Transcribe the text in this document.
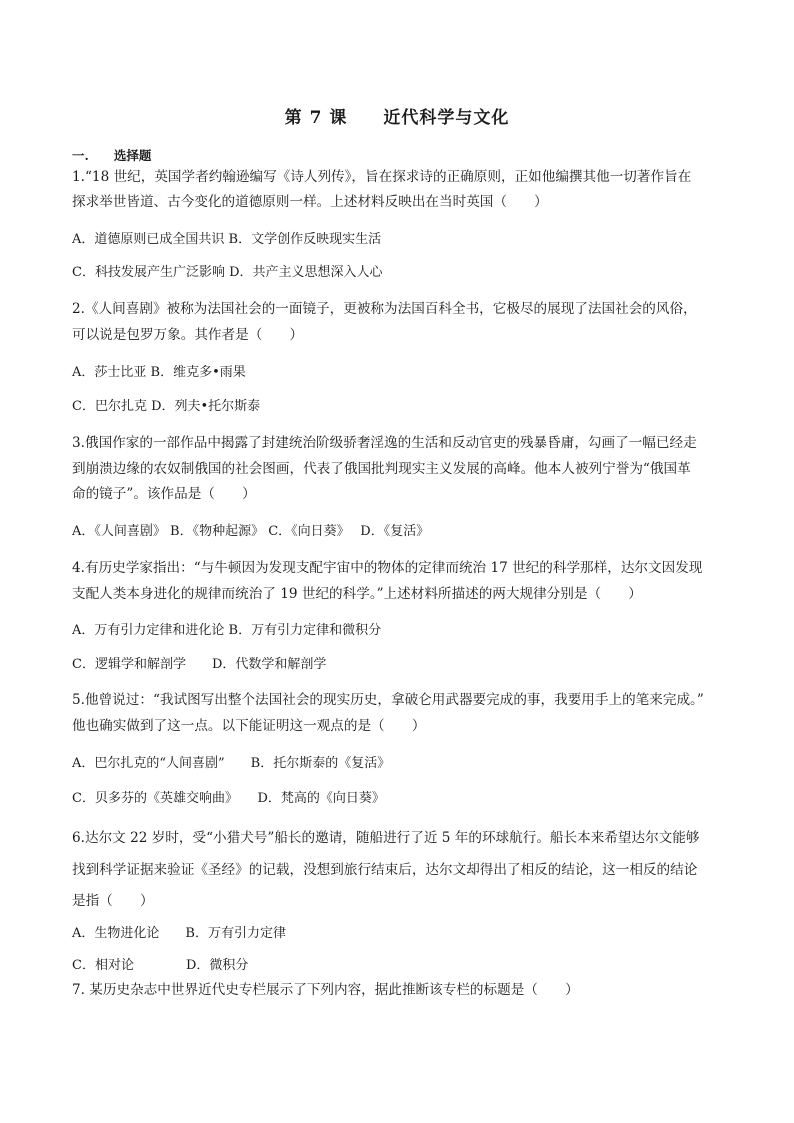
第 7 课　　近代科学与文化
一.　　选择题
1.“18 世纪，英国学者约翰逊编写《诗人列传》，旨在探求诗的正确原则，正如他编撰其他一切著作旨在
探求举世皆道、古今变化的道德原则一样。上述材料反映出在当时英国（　　）
A．道德原则已成全国共识 B．文学创作反映现实生活
C．科技发展产生广泛影响 D．共产主义思想深入人心
2.《人间喜剧》被称为法国社会的一面镜子，更被称为法国百科全书，它极尽的展现了法国社会的风俗，
可以说是包罗万象。其作者是（　　）
A．莎士比亚 B．维克多•雨果
C．巴尔扎克 D．列夫•托尔斯泰
3.俄国作家的一部作品中揭露了封建统治阶级骄奢淫逸的生活和反动官吏的残暴昏庸，勾画了一幅已经走
到崩溃边缘的农奴制俄国的社会图画，代表了俄国批判现实主义发展的高峰。他本人被列宁誉为“俄国革
命的镜子”。该作品是（　　）
A．《人间喜剧》 B．《物种起源》 C．《向日葵》　 D．《复活》
4.有历史学家指出：“与牛顿因为发现支配宇宙中的物体的定律而统治 17 世纪的科学那样，达尔文因发现
支配人类本身进化的规律而统治了 19 世纪的科学。”上述材料所描述的两大规律分别是（　　）
A．万有引力定律和进化论 B．万有引力定律和微积分
C．逻辑学和解剖学　　D．代数学和解剖学
5.他曾说过：“我试图写出整个法国社会的现实历史，拿破仑用武器要完成的事，我要用手上的笔来完成。”
他也确实做到了这一点。以下能证明这一观点的是（　　）
A．巴尔扎克的“人间喜剧”　　B．托尔斯泰的《复活》
C．贝多芬的《英雄交响曲》　　D．梵高的《向日葵》
6.达尔文 22 岁时，受“小猎犬号”船长的邀请，随船进行了近 5 年的环球航行。船长本来希望达尔文能够
找到科学证据来验证《圣经》的记载，没想到旅行结束后，达尔文却得出了相反的结论，这一相反的结论
是指（　　）
A．生物进化论　　B．万有引力定律
C．相对论　　　　D．微积分
7. 某历史杂志中世界近代史专栏展示了下列内容，据此推断该专栏的标题是（　　）
